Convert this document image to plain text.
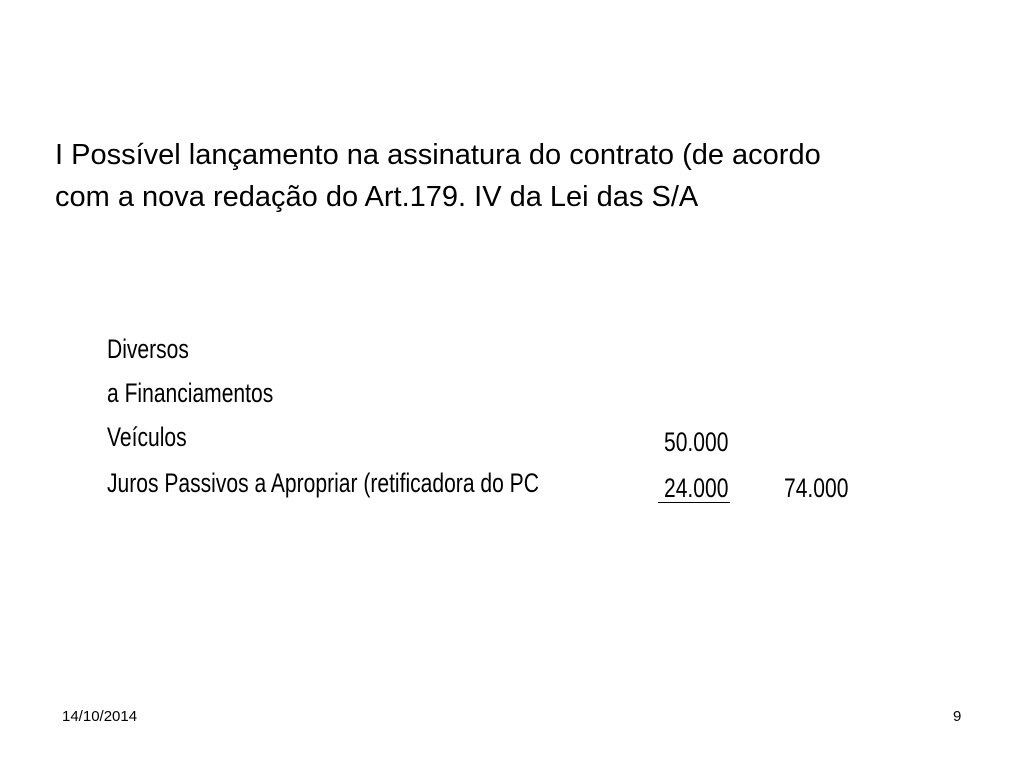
I Possível lançamento na assinatura do contrato (de acordo
com a nova redação do Art.179. IV da Lei das S/A
Diversos
a Financiamentos
Veículos	50.000
Juros Passivos a Apropriar (retificadora do PC	24.000 74.000
14/10/2014	9
